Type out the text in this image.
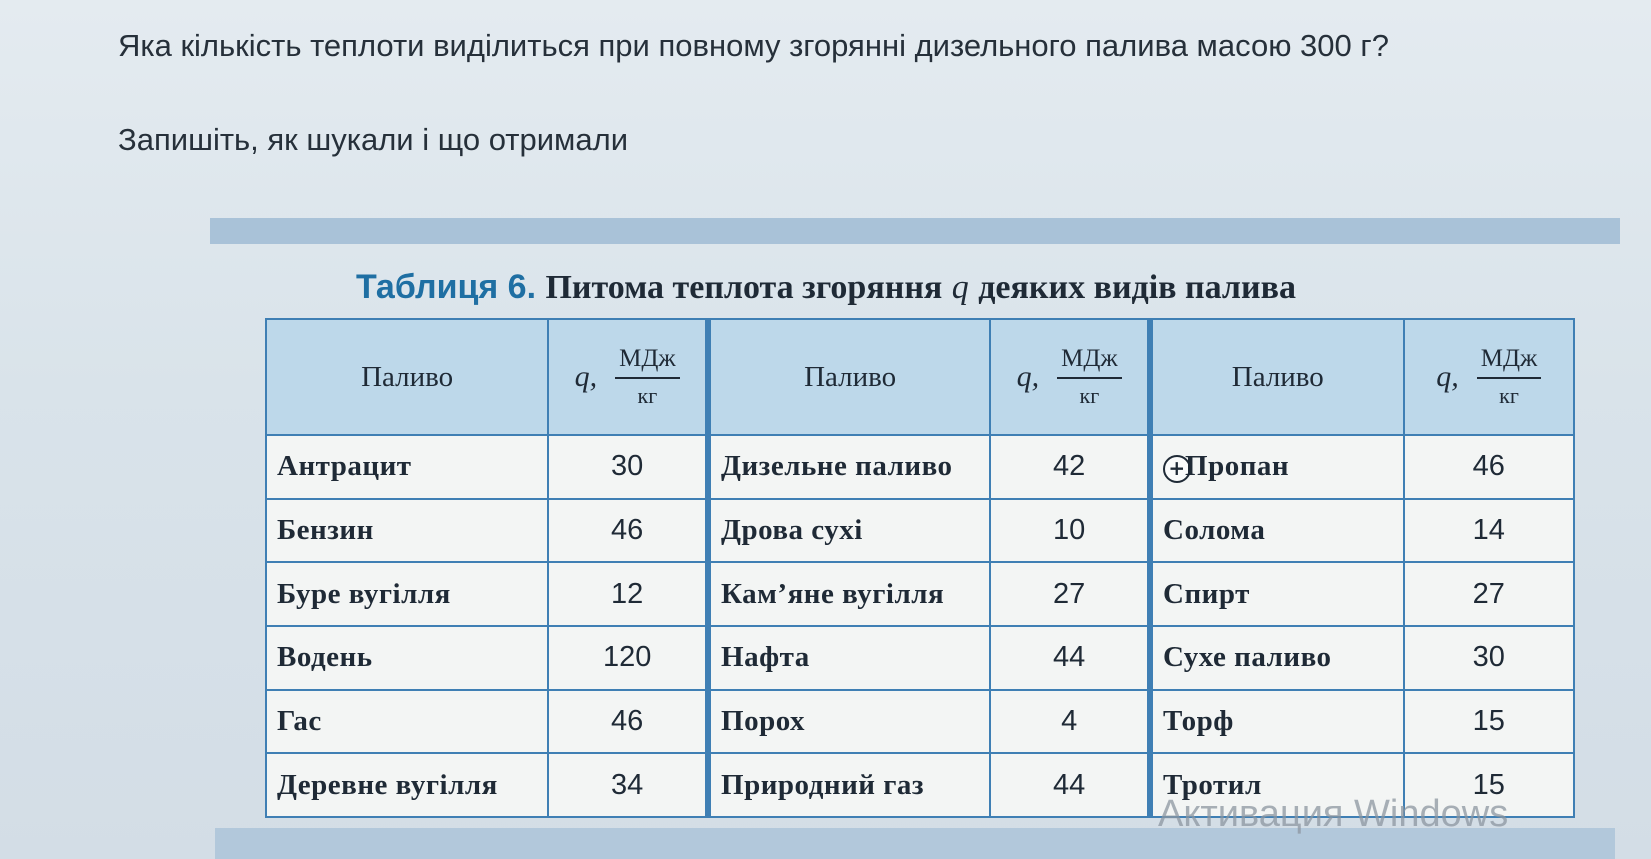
Яка кількість теплоти виділиться при повному згорянні дизельного палива масою 300 г?

Запишіть, як шукали і що отримали

Таблиця 6. Питома теплота згоряння q деяких видів палива
Паливо	q, $\frac{\text{МДж}}{кг}$	Паливо	q, $\frac{\text{МДж}}{кг}$	Паливо	q, $\frac{\text{МДж}}{кг}$

Антрацит	30	Дизельне паливо	42	+Пропан	46
Бензин	46	Дрова сухі	10	Солома	14
Буре вугілля	12	Кам’яне вугілля	27	Спирт	27
Водень	120	Нафта	44	Сухе паливо	30
Гас	46	Порох	4	Торф	15
Деревне вугілля	34	Природний газ	44	Тротил	15

Активация Windows
